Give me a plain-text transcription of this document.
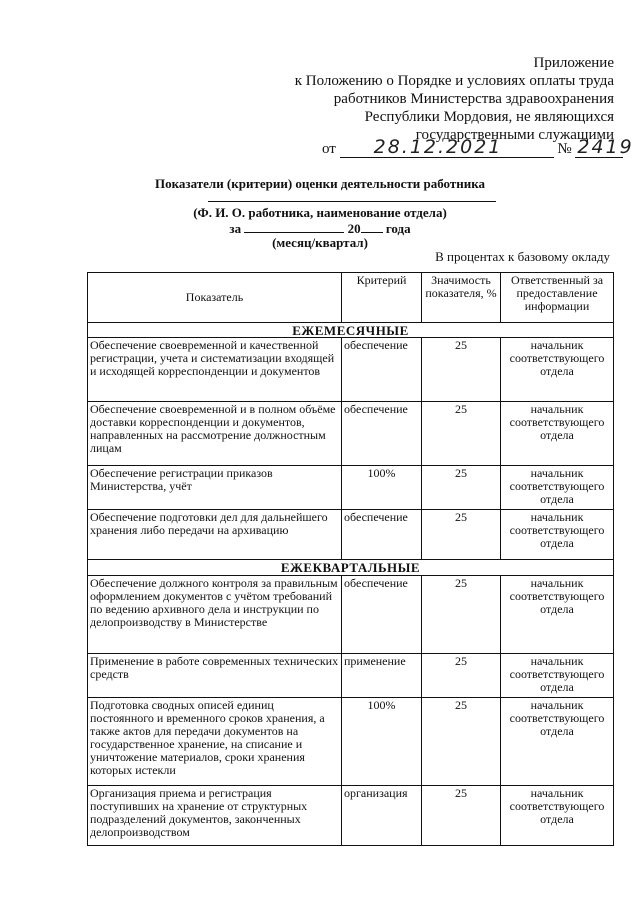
Приложение
к Положению о Порядке и условиях оплаты труда
работников Министерства здравоохранения
Республики Мордовия, не являющихся
государственными служащими
от 28.12.2021	№ 2419
Показатели (критерии) оценки деятельности работника
(Ф. И. О. работника, наименование отдела)
за	20 года
(месяц/квартал)
В процентах к базовому окладу
Показатель	Критерий	Значимость показателя, %	Ответственный за предоставление информации
ЕЖЕМЕСЯЧНЫЕ			
Обеспечение своевременной и качественной регистрации, учета и систематизации входящей и исходящей корреспонденции и документов	обеспечение	25	начальник соответствующего отдела
Обеспечение своевременной и в полном объёме доставки корреспонденции и документов, направленных на рассмотрение должностным лицам	обеспечение	25	начальник соответствующего отдела
Обеспечение регистрации приказов Министерства, учёт	100%	25	начальник соответствующего отдела
Обеспечение подготовки дел для дальнейшего хранения либо передачи на архивацию	обеспечение	25	начальник соответствующего отдела
ЕЖЕКВАРТАЛЬНЫЕ			
Обеспечение должного контроля за правильным оформлением документов с учётом требований по ведению архивного дела и инструкции по делопроизводству в Министерстве	обеспечение	25	начальник соответствующего отдела
Применение в работе современных технических средств	применение	25	начальник соответствующего отдела
Подготовка сводных описей единиц постоянного и временного сроков хранения, а также актов для передачи документов на государственное хранение, на списание и уничтожение материалов, сроки хранения которых истекли	100%	25	начальник соответствующего отдела
Организация приема и регистрация поступивших на хранение от структурных подразделений документов, законченных делопроизводством	организация	25	начальник соответствующего отдела
